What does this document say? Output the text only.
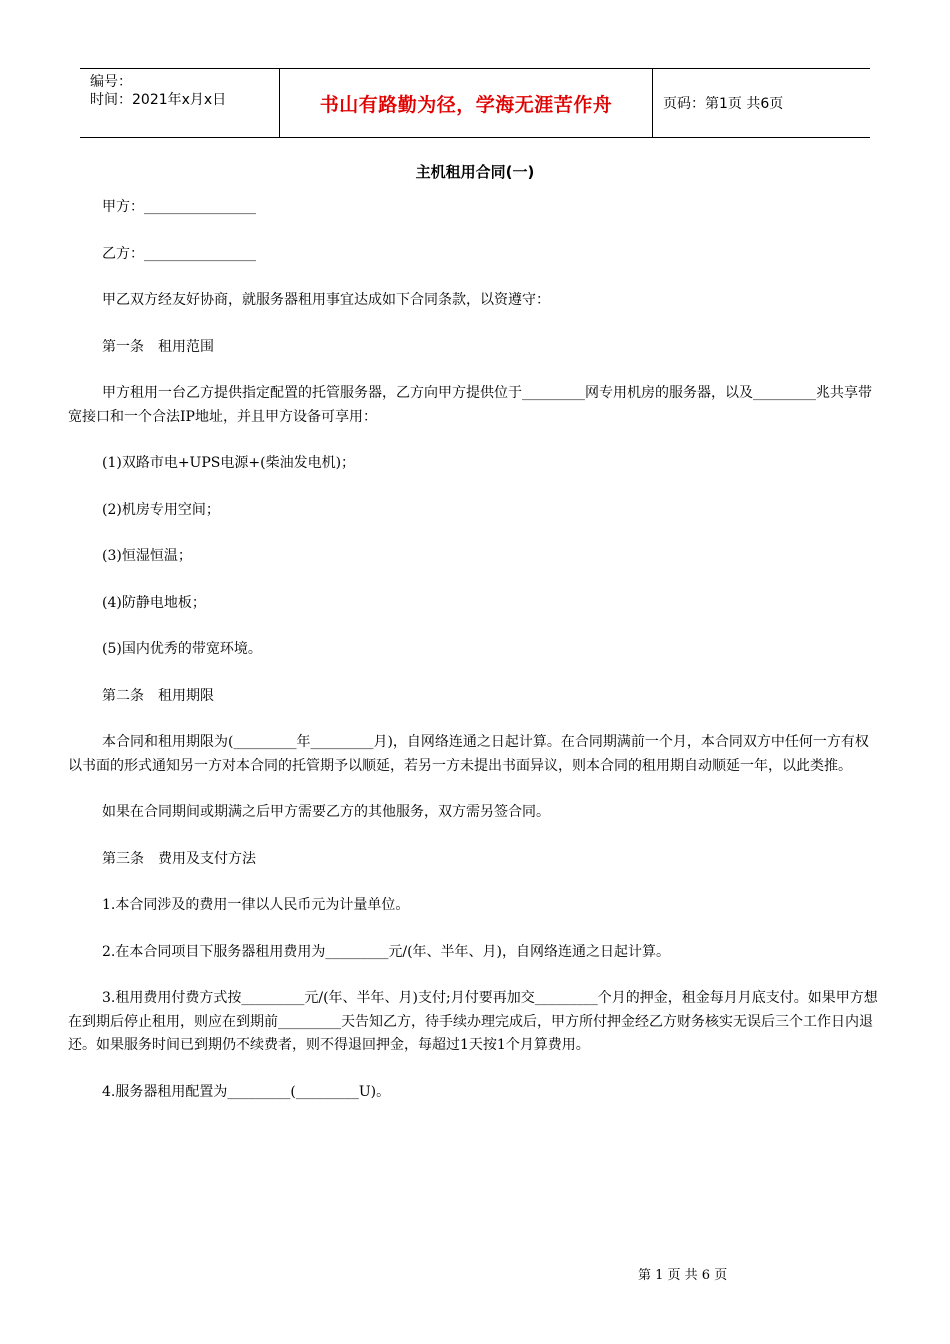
编号：
时间：2021年x月x日	书山有路勤为径，学海无涯苦作舟	页码：第1页 共6页
主机租用合同(一)

甲方：________________

乙方：________________

甲乙双方经友好协商，就服务器租用事宜达成如下合同条款，以资遵守：

第一条　租用范围

甲方租用一台乙方提供指定配置的托管服务器，乙方向甲方提供位于_________网专用机房的服务器，以及_________兆共享带宽接口和一个合法IP地址，并且甲方设备可享用：

(1)双路市电+UPS电源+(柴油发电机)；

(2)机房专用空间；

(3)恒湿恒温；

(4)防静电地板；

(5)国内优秀的带宽环境。

第二条　租用期限

本合同和租用期限为(_________年_________月)，自网络连通之日起计算。在合同期满前一个月，本合同双方中任何一方有权以书面的形式通知另一方对本合同的托管期予以顺延，若另一方未提出书面异议，则本合同的租用期自动顺延一年，以此类推。

如果在合同期间或期满之后甲方需要乙方的其他服务，双方需另签合同。

第三条　费用及支付方法

1.本合同涉及的费用一律以人民币元为计量单位。

2.在本合同项目下服务器租用费用为_________元/(年、半年、月)，自网络连通之日起计算。

3.租用费用付费方式按_________元/(年、半年、月)支付;月付要再加交_________个月的押金，租金每月月底支付。如果甲方想在到期后停止租用，则应在到期前_________天告知乙方，待手续办理完成后，甲方所付押金经乙方财务核实无误后三个工作日内退还。如果服务时间已到期仍不续费者，则不得退回押金，每超过1天按1个月算费用。

4.服务器租用配置为_________(_________U)。

第 1 页 共 6 页
